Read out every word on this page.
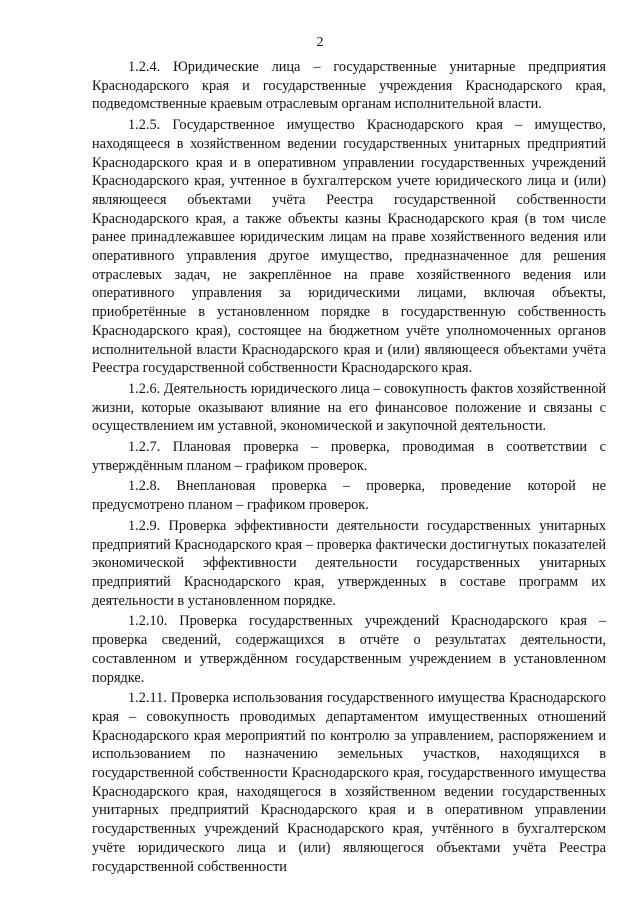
2

1.2.4. Юридические лица – государственные унитарные предприятия Краснодарского края и государственные учреждения Краснодарского края, подведомственные краевым отраслевым органам исполнительной власти.

1.2.5. Государственное имущество Краснодарского края – имущество, находящееся в хозяйственном ведении государственных унитарных предприятий Краснодарского края и в оперативном управлении государственных учреждений Краснодарского края, учтенное в бухгалтерском учете юридического лица и (или) являющееся объектами учёта Реестра государственной собственности Краснодарского края, а также объекты казны Краснодарского края (в том числе ранее принадлежавшее юридическим лицам на праве хозяйственного ведения или оперативного управления другое имущество, предназначенное для решения отраслевых задач, не закреплённое на праве хозяйственного ведения или оперативного управления за юридическими лицами, включая объекты, приобретённые в установленном порядке в государственную собственность Краснодарского края), состоящее на бюджетном учёте уполномоченных органов исполнительной власти Краснодарского края и (или) являющееся объектами учёта Реестра государственной собственности Краснодарского края.

1.2.6. Деятельность юридического лица – совокупность фактов хозяйственной жизни, которые оказывают влияние на его финансовое положение и связаны с осуществлением им уставной, экономической и закупочной деятельности.

1.2.7. Плановая проверка – проверка, проводимая в соответствии с утверждённым планом – графиком проверок.

1.2.8. Внеплановая проверка – проверка, проведение которой не предусмотрено планом – графиком проверок.

1.2.9. Проверка эффективности деятельности государственных унитарных предприятий Краснодарского края – проверка фактически достигнутых показателей экономической эффективности деятельности государственных унитарных предприятий Краснодарского края, утвержденных в составе программ их деятельности в установленном порядке.

1.2.10. Проверка государственных учреждений Краснодарского края – проверка сведений, содержащихся в отчёте о результатах деятельности, составленном и утверждённом государственным учреждением в установленном порядке.

1.2.11. Проверка использования государственного имущества Краснодарского края – совокупность проводимых департаментом имущественных отношений Краснодарского края мероприятий по контролю за управлением, распоряжением и использованием по назначению земельных участков, находящихся в государственной собственности Краснодарского края, государственного имущества Краснодарского края, находящегося в хозяйственном ведении государственных унитарных предприятий Краснодарского края и в оперативном управлении государственных учреждений Краснодарского края, учтённого в бухгалтерском учёте юридического лица и (или) являющегося объектами учёта Реестра государственной собственности
